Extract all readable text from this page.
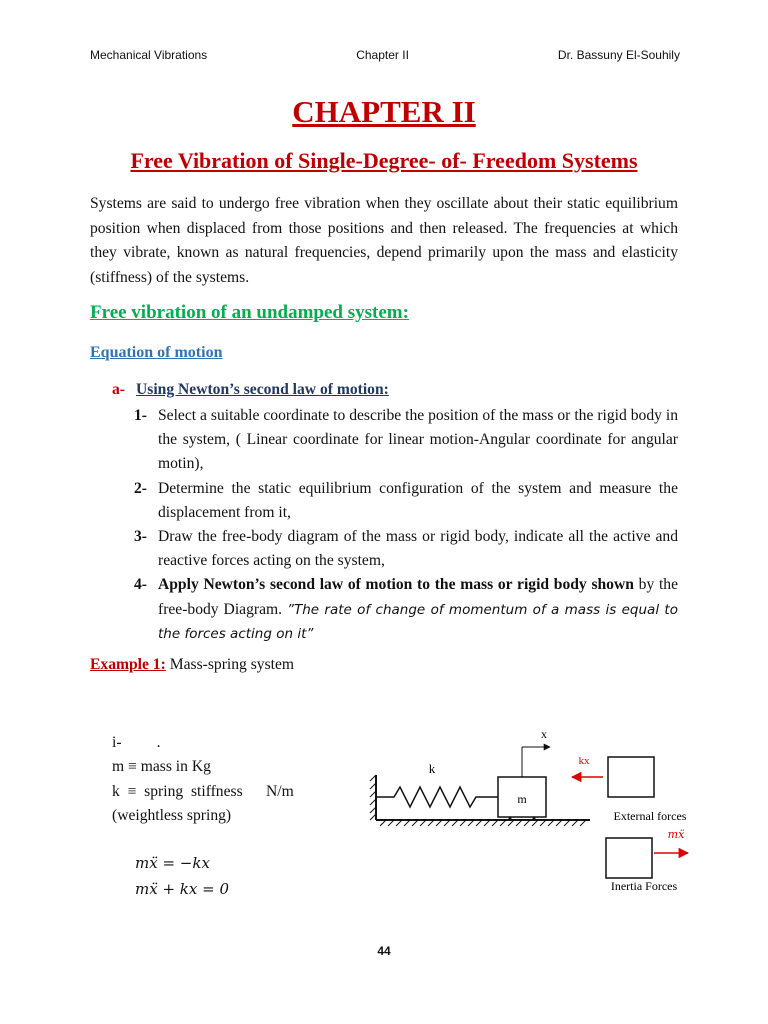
Mechanical Vibrations	Chapter II	Dr. Bassuny El-Souhily
CHAPTER II
Free Vibration of Single-Degree- of- Freedom Systems
Systems are said to undergo free vibration when they oscillate about their static equilibrium position when displaced from those positions and then released. The frequencies at which they vibrate, known as natural frequencies, depend primarily upon the mass and elasticity (stiffness) of the systems.
Free vibration of an undamped system:
Equation of motion
a- Using Newton’s second law of motion:
1- Select a suitable coordinate to describe the position of the mass or the rigid body in the system, ( Linear coordinate for linear motion-Angular coordinate for angular motin),
2- Determine the static equilibrium configuration of the system and measure the displacement from it,
3- Draw the free-body diagram of the mass or rigid body, indicate all the active and reactive forces acting on the system,
4- Apply Newton’s second law of motion to the mass or rigid body shown by the free-body Diagram. ”The rate of change of momentum of a mass is equal to the forces acting on it”
Example 1: Mass-spring system
i-         .
m ≡ mass in Kg
k  ≡  spring  stiffness      N/m
(weightless spring)
mẍ = −kx
mẍ + kx = 0
k
m
x
kx
External forces
mẍ
Inertia Forces
44
